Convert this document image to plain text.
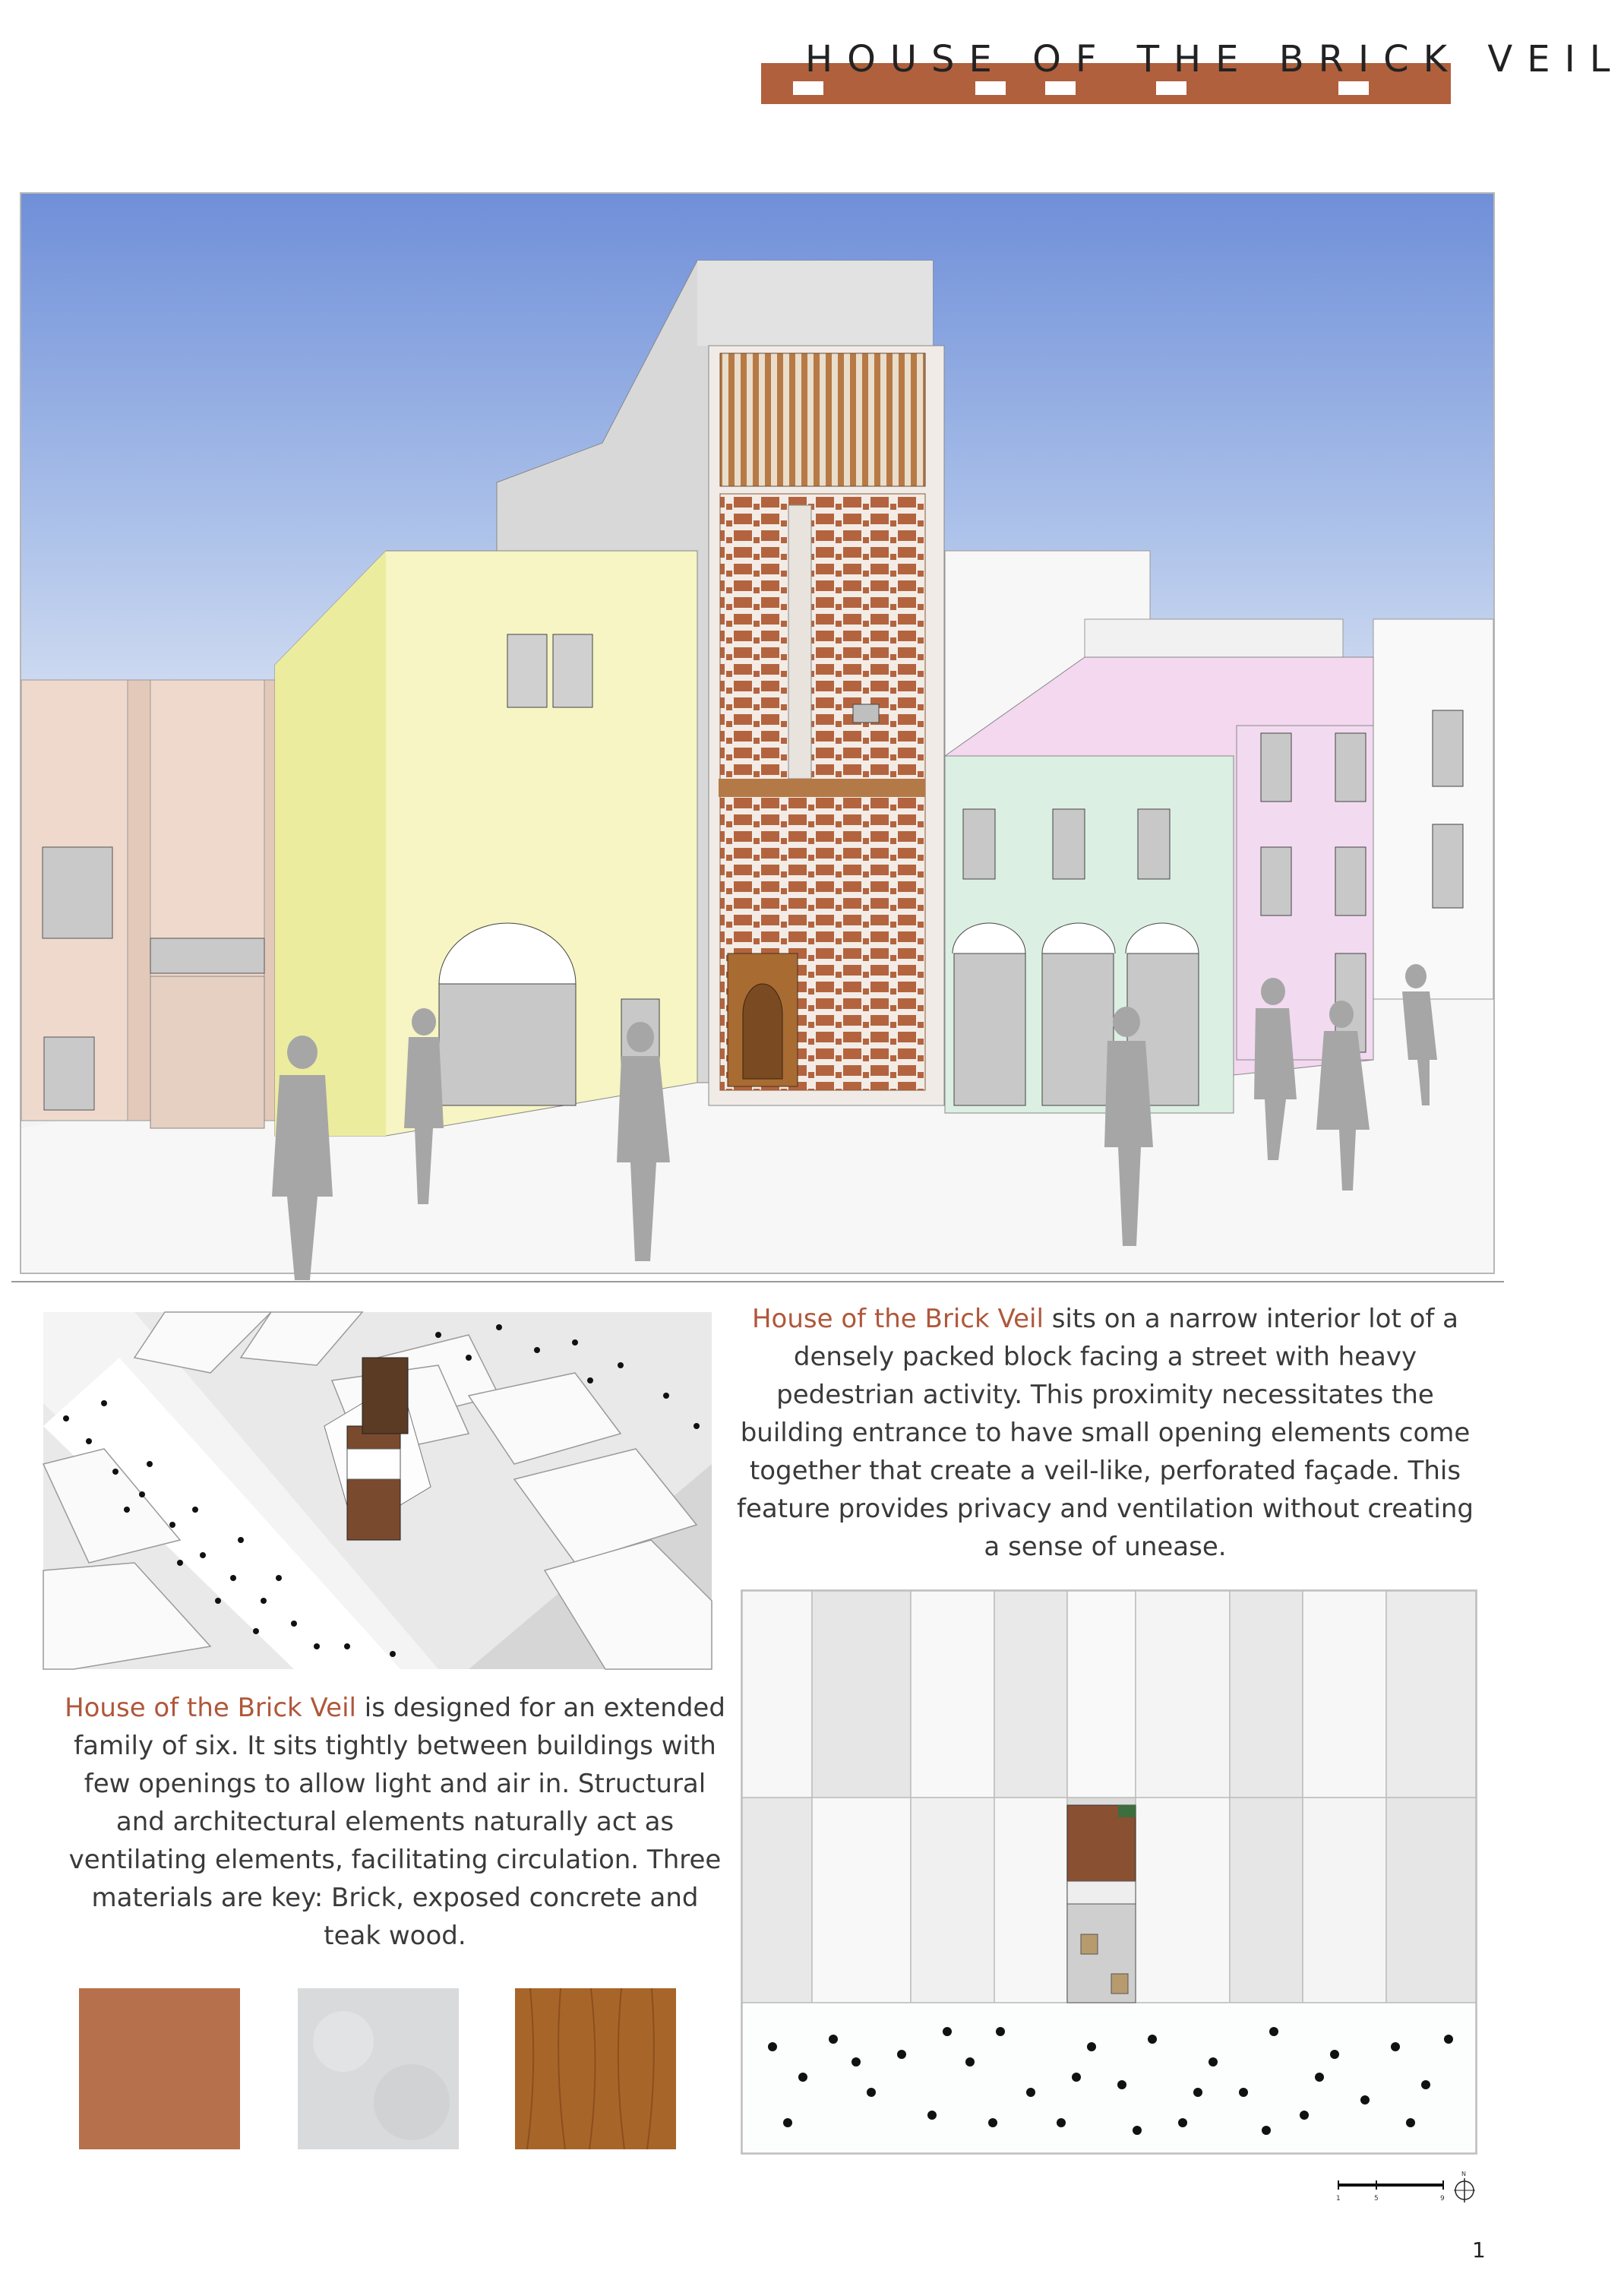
HOUSE OF THE BRICK VEIL
House of the Brick Veil sits on a narrow interior lot of a densely packed block facing a street with heavy pedestrian activity. This proximity necessitates the building entrance to have small opening elements come together that create a veil-like, perforated façade. This feature provides privacy and ventilation without creating a sense of unease.
House of the Brick Veil is designed for an extended family of six. It sits tightly between buildings with few openings to allow light and air in. Structural and architectural elements naturally act as ventilating elements, facilitating circulation. Three materials are key: Brick, exposed concrete and teak wood.
1	5	9
N
1
